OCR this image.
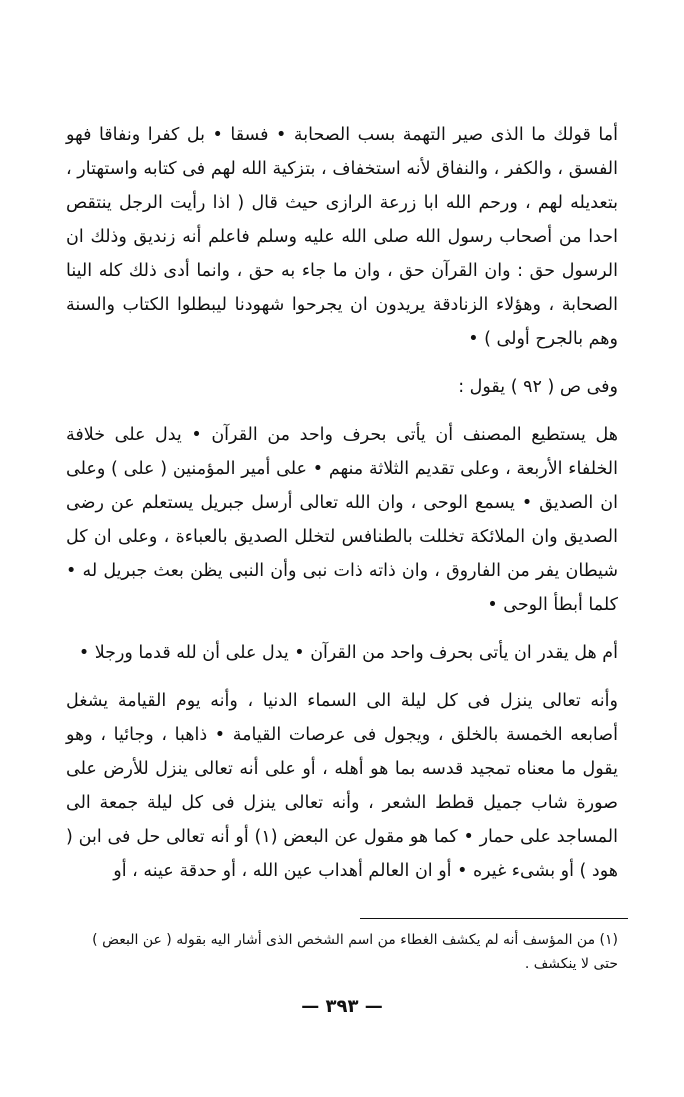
أما قولك ما الذى صير التهمة بسب الصحابة • فسقا • بل كفرا ونفاقا فهو الفسق ، والكفر ، والنفاق لأنه استخفاف ، بتزكية الله لهم فى كتابه واستهتار ، بتعديله لهم ، ورحم الله ابا زرعة الرازى حيث قال ( اذا رأيت الرجل ينتقص احدا من أصحاب رسول الله صلى الله عليه وسلم فاعلم أنه زنديق وذلك ان الرسول حق : وان القرآن حق ، وان ما جاء به حق ، وانما أدى ذلك كله الينا الصحابة ، وهؤلاء الزنادقة يريدون ان يجرحوا شهودنا ليبطلوا الكتاب والسنة وهم بالجرح أولى ) •

وفى ص ( ٩٢ ) يقول :

هل يستطيع المصنف أن يأتى بحرف واحد من القرآن • يدل على خلافة الخلفاء الأربعة ، وعلى تقديم الثلاثة منهم • على أمير المؤمنين ( على ) وعلى ان الصديق • يسمع الوحى ، وان الله تعالى أرسل جبريل يستعلم عن رضى الصديق وان الملائكة تخللت بالطنافس لتخلل الصديق بالعباءة ، وعلى ان كل شيطان يفر من الفاروق ، وان ذاته ذات نبى وأن النبى يظن بعث جبريل له • كلما أبطأ الوحى •

أم هل يقدر ان يأتى بحرف واحد من القرآن • يدل على أن لله قدما ورجلا •

وأنه تعالى ينزل فى كل ليلة الى السماء الدنيا ، وأنه يوم القيامة يشغل أصابعه الخمسة بالخلق ، ويجول فى عرصات القيامة • ذاهبا ، وجائيا ، وهو يقول ما معناه تمجيد قدسه بما هو أهله ، أو على أنه تعالى ينزل للأرض على صورة شاب جميل قطط الشعر ، وأنه تعالى ينزل فى كل ليلة جمعة الى المساجد على حمار • كما هو مقول عن البعض (١) أو أنه تعالى حل فى ابن ( هود ) أو بشىء غيره • أو ان العالم أهداب عين الله ، أو حدقة عينه ، أو

(١) من المؤسف أنه لم يكشف الغطاء من اسم الشخص الذى أشار اليه بقوله ( عن البعض ) حتى لا ينكشف .

— ٣٩٣ —
